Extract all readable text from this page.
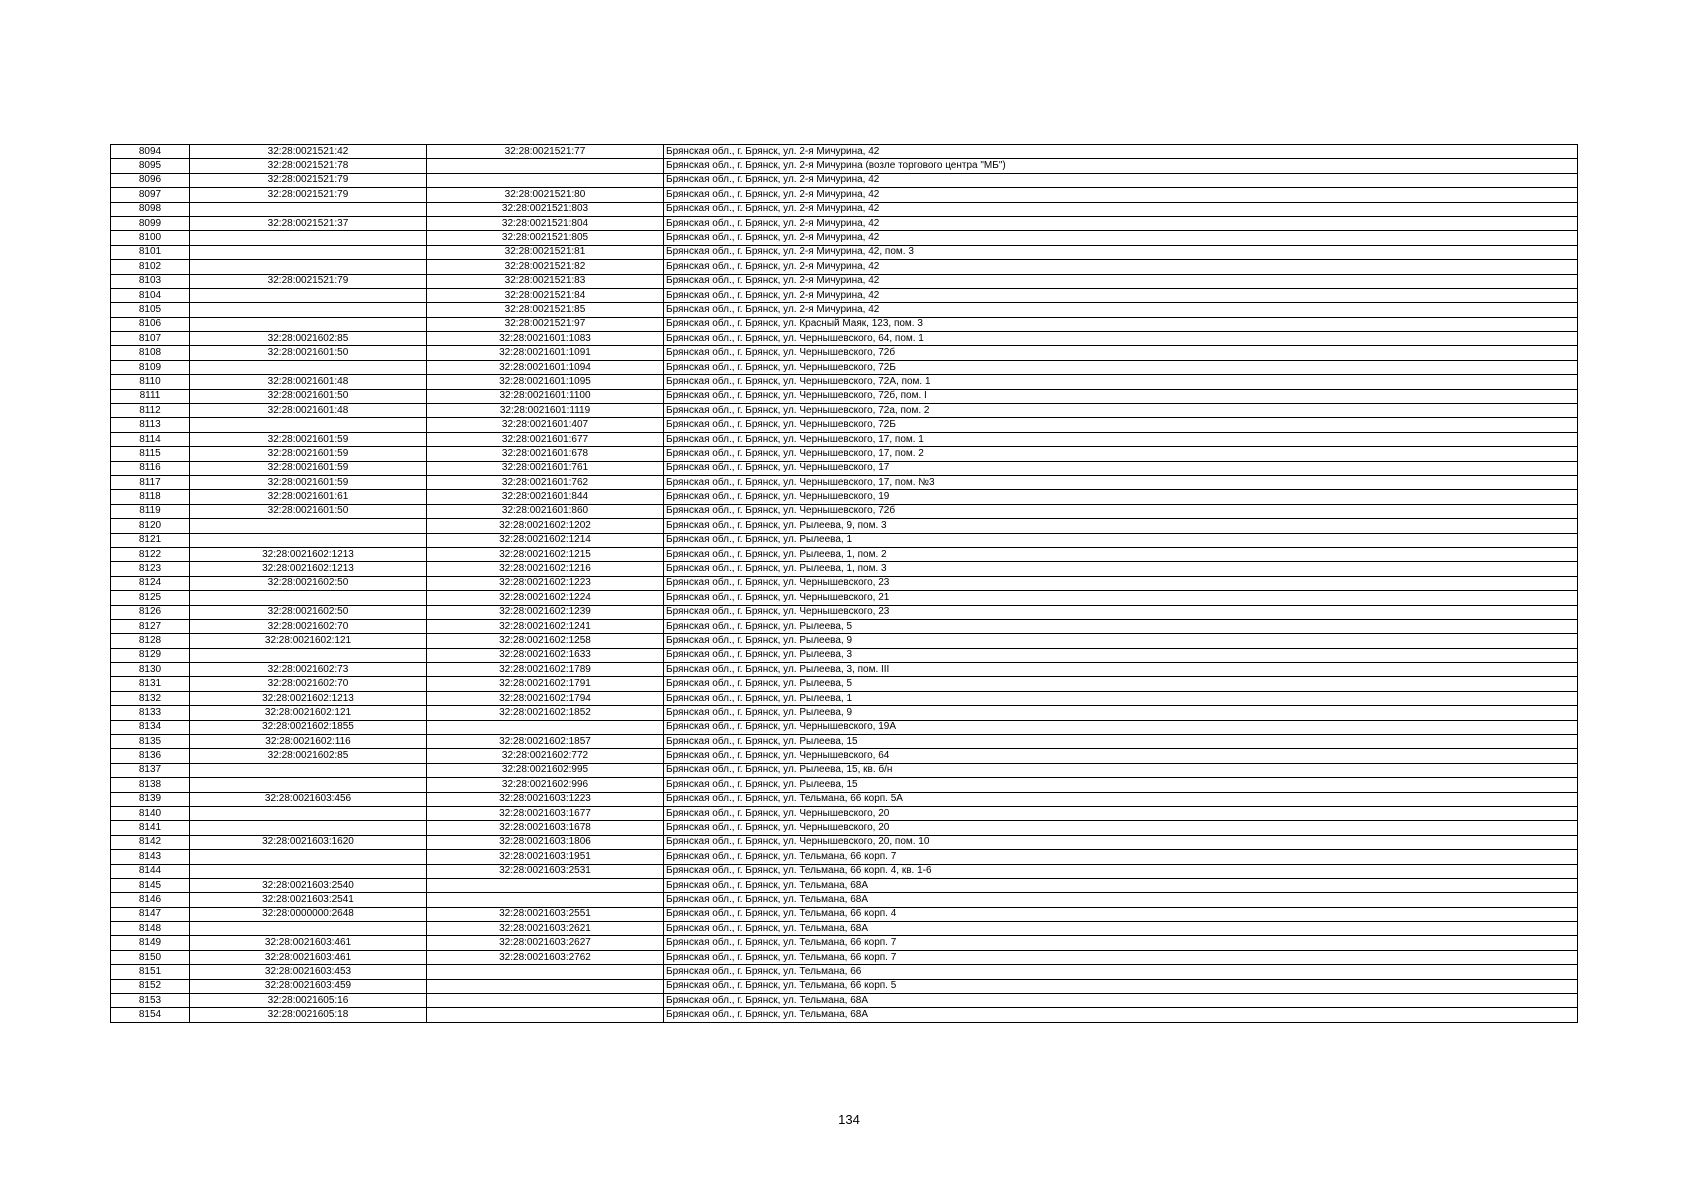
8094	32:28:0021521:42	32:28:0021521:77	Брянская обл., г. Брянск, ул. 2-я Мичурина, 42
8095	32:28:0021521:78		Брянская обл., г. Брянск, ул. 2-я Мичурина (возле торгового центра "МБ")
8096	32:28:0021521:79		Брянская обл., г. Брянск, ул. 2-я Мичурина, 42
8097	32:28:0021521:79	32:28:0021521:80	Брянская обл., г. Брянск, ул. 2-я Мичурина, 42
8098		32:28:0021521:803	Брянская обл., г. Брянск, ул. 2-я Мичурина, 42
8099	32:28:0021521:37	32:28:0021521:804	Брянская обл., г. Брянск, ул. 2-я Мичурина, 42
8100		32:28:0021521:805	Брянская обл., г. Брянск, ул. 2-я Мичурина, 42
8101		32:28:0021521:81	Брянская обл., г. Брянск, ул. 2-я Мичурина, 42, пом. 3
8102		32:28:0021521:82	Брянская обл., г. Брянск, ул. 2-я Мичурина, 42
8103	32:28:0021521:79	32:28:0021521:83	Брянская обл., г. Брянск, ул. 2-я Мичурина, 42
8104		32:28:0021521:84	Брянская обл., г. Брянск, ул. 2-я Мичурина, 42
8105		32:28:0021521:85	Брянская обл., г. Брянск, ул. 2-я Мичурина, 42
8106		32:28:0021521:97	Брянская обл., г. Брянск, ул. Красный Маяк, 123, пом. 3
8107	32:28:0021602:85	32:28:0021601:1083	Брянская обл., г. Брянск, ул. Чернышевского, 64, пом. 1
8108	32:28:0021601:50	32:28:0021601:1091	Брянская обл., г. Брянск, ул. Чернышевского, 72б
8109		32:28:0021601:1094	Брянская обл., г. Брянск, ул. Чернышевского, 72Б
8110	32:28:0021601:48	32:28:0021601:1095	Брянская обл., г. Брянск, ул. Чернышевского, 72А, пом. 1
8111	32:28:0021601:50	32:28:0021601:1100	Брянская обл., г. Брянск, ул. Чернышевского, 72б, пом. I
8112	32:28:0021601:48	32:28:0021601:1119	Брянская обл., г. Брянск, ул. Чернышевского, 72а, пом. 2
8113		32:28:0021601:407	Брянская обл., г. Брянск, ул. Чернышевского, 72Б
8114	32:28:0021601:59	32:28:0021601:677	Брянская обл., г. Брянск, ул. Чернышевского, 17, пом. 1
8115	32:28:0021601:59	32:28:0021601:678	Брянская обл., г. Брянск, ул. Чернышевского, 17, пом. 2
8116	32:28:0021601:59	32:28:0021601:761	Брянская обл., г. Брянск, ул. Чернышевского, 17
8117	32:28:0021601:59	32:28:0021601:762	Брянская обл., г. Брянск, ул. Чернышевского, 17, пом. №3
8118	32:28:0021601:61	32:28:0021601:844	Брянская обл., г. Брянск, ул. Чернышевского, 19
8119	32:28:0021601:50	32:28:0021601:860	Брянская обл., г. Брянск, ул. Чернышевского, 72б
8120		32:28:0021602:1202	Брянская обл., г. Брянск, ул. Рылеева, 9, пом. 3
8121		32:28:0021602:1214	Брянская обл., г. Брянск, ул. Рылеева, 1
8122	32:28:0021602:1213	32:28:0021602:1215	Брянская обл., г. Брянск, ул. Рылеева, 1, пом. 2
8123	32:28:0021602:1213	32:28:0021602:1216	Брянская обл., г. Брянск, ул. Рылеева, 1, пом. 3
8124	32:28:0021602:50	32:28:0021602:1223	Брянская обл., г. Брянск, ул. Чернышевского, 23
8125		32:28:0021602:1224	Брянская обл., г. Брянск, ул. Чернышевского, 21
8126	32:28:0021602:50	32:28:0021602:1239	Брянская обл., г. Брянск, ул. Чернышевского, 23
8127	32:28:0021602:70	32:28:0021602:1241	Брянская обл., г. Брянск, ул. Рылеева, 5
8128	32:28:0021602:121	32:28:0021602:1258	Брянская обл., г. Брянск, ул. Рылеева, 9
8129		32:28:0021602:1633	Брянская обл., г. Брянск, ул. Рылеева, 3
8130	32:28:0021602:73	32:28:0021602:1789	Брянская обл., г. Брянск, ул. Рылеева, 3, пом. III
8131	32:28:0021602:70	32:28:0021602:1791	Брянская обл., г. Брянск, ул. Рылеева, 5
8132	32:28:0021602:1213	32:28:0021602:1794	Брянская обл., г. Брянск, ул. Рылеева, 1
8133	32:28:0021602:121	32:28:0021602:1852	Брянская обл., г. Брянск, ул. Рылеева, 9
8134	32:28:0021602:1855		Брянская обл., г. Брянск, ул. Чернышевского, 19А
8135	32:28:0021602:116	32:28:0021602:1857	Брянская обл., г. Брянск, ул. Рылеева, 15
8136	32:28:0021602:85	32:28:0021602:772	Брянская обл., г. Брянск, ул. Чернышевского, 64
8137		32:28:0021602:995	Брянская обл., г. Брянск, ул. Рылеева, 15, кв. б/н
8138		32:28:0021602:996	Брянская обл., г. Брянск, ул. Рылеева, 15
8139	32:28:0021603:456	32:28:0021603:1223	Брянская обл., г. Брянск, ул. Тельмана, 66 корп. 5А
8140		32:28:0021603:1677	Брянская обл., г. Брянск, ул. Чернышевского, 20
8141		32:28:0021603:1678	Брянская обл., г. Брянск, ул. Чернышевского, 20
8142	32:28:0021603:1620	32:28:0021603:1806	Брянская обл., г. Брянск, ул. Чернышевского, 20, пом. 10
8143		32:28:0021603:1951	Брянская обл., г. Брянск, ул. Тельмана, 66 корп. 7
8144		32:28:0021603:2531	Брянская обл., г. Брянск, ул. Тельмана, 66 корп. 4, кв. 1-6
8145	32:28:0021603:2540		Брянская обл., г. Брянск, ул. Тельмана, 68А
8146	32:28:0021603:2541		Брянская обл., г. Брянск, ул. Тельмана, 68А
8147	32:28:0000000:2648	32:28:0021603:2551	Брянская обл., г. Брянск, ул. Тельмана, 66 корп. 4
8148		32:28:0021603:2621	Брянская обл., г. Брянск, ул. Тельмана, 68А
8149	32:28:0021603:461	32:28:0021603:2627	Брянская обл., г. Брянск, ул. Тельмана, 66 корп. 7
8150	32:28:0021603:461	32:28:0021603:2762	Брянская обл., г. Брянск, ул. Тельмана, 66 корп. 7
8151	32:28:0021603:453		Брянская обл., г. Брянск, ул. Тельмана, 66
8152	32:28:0021603:459		Брянская обл., г. Брянск, ул. Тельмана, 66 корп. 5
8153	32:28:0021605:16		Брянская обл., г. Брянск, ул. Тельмана, 68А
8154	32:28:0021605:18		Брянская обл., г. Брянск, ул. Тельмана, 68А
134
